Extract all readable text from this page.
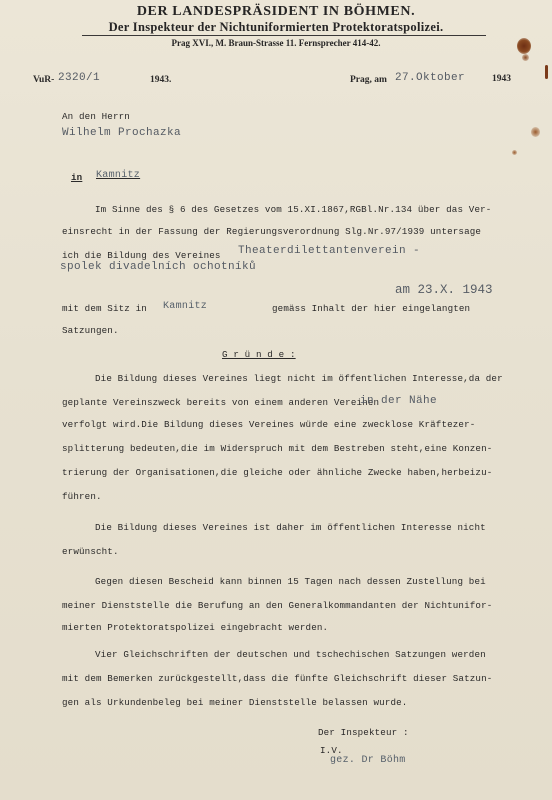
DER LANDESPRÄSIDENT IN BÖHMEN.
Der Inspekteur der Nichtuniformierten Protektoratspolizei.
Prag XVI., M. Braun-Strasse 11. Fernsprecher 414-42.
VuR- 2320/1	1943.	Prag, am 27.Oktober	1943
An den Herrn
Wilhelm Prochazka
in Kamnitz
Im Sinne des § 6 des Gesetzes vom 15.XI.1867,RGBl.Nr.134 über das Ver-
einsrecht in der Fassung der Regierungsverordnung Slg.Nr.97/1939 untersage
ich die Bildung des Vereines Theaterdilettantenverein -
spolek divadelních ochotníků
am 23.X. 1943
mit dem Sitz in Kamnitz	gemäss Inhalt der hier eingelangten
Satzungen.
G r ü n d e :
Die Bildung dieses Vereines liegt nicht im öffentlichen Interesse,da der
geplante Vereinszweck bereits von einem anderen Vereinen
in der Nähe
verfolgt wird.Die Bildung dieses Vereines würde eine zwecklose Kräftezer-
splitterung bedeuten,die im Widerspruch mit dem Bestreben steht,eine Konzen-
trierung der Organisationen,die gleiche oder ähnliche Zwecke haben,herbeizu-
führen.
Die Bildung dieses Vereines ist daher im öffentlichen Interesse nicht
erwünscht.
Gegen diesen Bescheid kann binnen 15 Tagen nach dessen Zustellung bei
meiner Dienststelle die Berufung an den Generalkommandanten der Nichtunifor-
mierten Protektoratspolizei eingebracht werden.
Vier Gleichschriften der deutschen und tschechischen Satzungen werden
mit dem Bemerken zurückgestellt,dass die fünfte Gleichschrift dieser Satzun-
gen als Urkundenbeleg bei meiner Dienststelle belassen wurde.
Der Inspekteur :
I.V.
gez. Dr Böhm
